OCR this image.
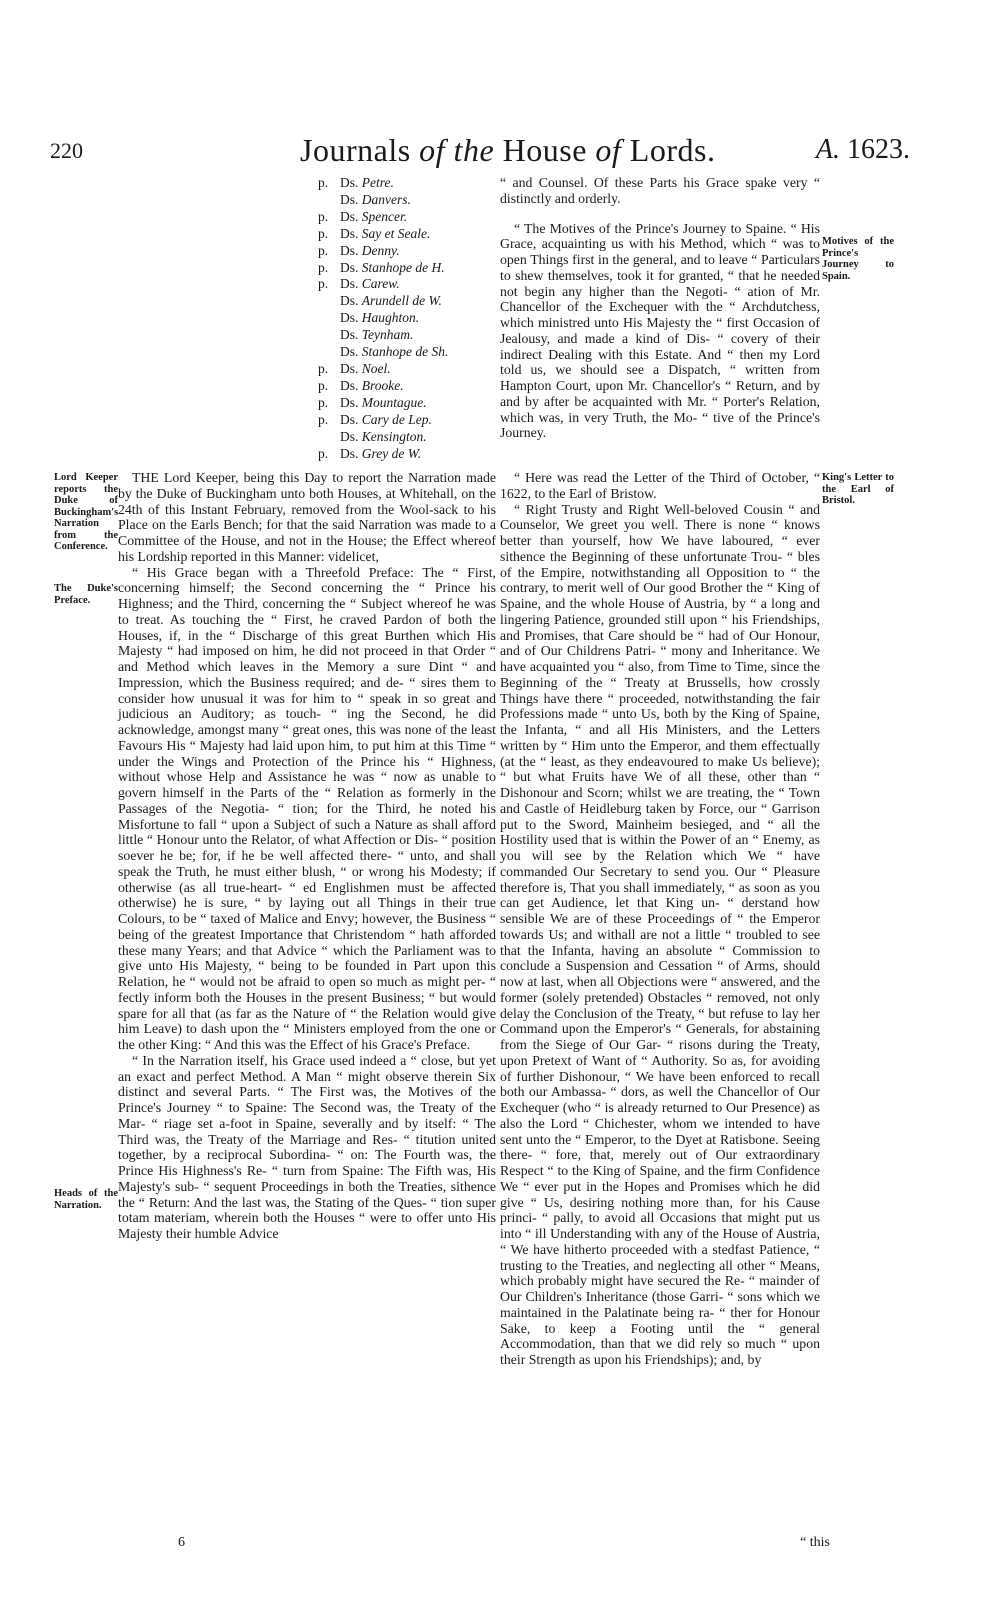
220	Journals of the House of Lords.	A. 1623.
p. Ds. Petre.
Ds. Danvers.
p. Ds. Spencer.
p. Ds. Say et Seale.
p. Ds. Denny.
p. Ds. Stanhope de H.
p. Ds. Carew.
Ds. Arundell de W.
Ds. Haughton.
Ds. Teynham.
Ds. Stanhope de Sh.
p. Ds. Noel.
p. Ds. Brooke.
p. Ds. Mountague.
p. Ds. Cary de Lep.
Ds. Kensington.
p. Ds. Grey de W.

“ and Counsel. Of these Parts his Grace spake very “ distinctly and orderly.

“ The Motives of the Prince's Journey to Spaine. “ His Grace, acquainting us with his Method, which “ was to open Things first in the general, and to leave “ Particulars to shew themselves, took it for granted, “ that he needed not begin any higher than the Negoti- “ ation of Mr. Chancellor of the Exchequer with the “ Archdutchess, which ministred unto His Majesty the “ first Occasion of Jealousy, and made a kind of Dis- “ covery of their indirect Dealing with this Estate. And “ then my Lord told us, we should see a Dispatch, “ written from Hampton Court, upon Mr. Chancellor's “ Return, and by and by after be acquainted with Mr. “ Porter's Relation, which was, in very Truth, the Mo- “ tive of the Prince's Journey.

THE Lord Keeper, being this Day to report the Narration made by the Duke of Buckingham unto both Houses, at Whitehall, on the 24th of this Instant February, removed from the Wool-sack to his Place on the Earls Bench; for that the said Narration was made to a Committee of the House, and not in the House; the Effect whereof his Lordship reported in this Manner: videlicet,

“ His Grace began with a Threefold Preface: The “ First, concerning himself; the Second concerning the “ Prince his Highness; and the Third, concerning the “ Subject whereof he was to treat. As touching the “ First, he craved Pardon of both the Houses, if, in the “ Discharge of this great Burthen which His Majesty “ had imposed on him, he did not proceed in that Order “ and Method which leaves in the Memory a sure Dint “ and Impression, which the Business required; and de- “ sires them to consider how unusual it was for him to “ speak in so great and judicious an Auditory; as touch- “ ing the Second, he did acknowledge, amongst many “ great ones, this was none of the least Favours His “ Majesty had laid upon him, to put him at this Time “ under the Wings and Protection of the Prince his “ Highness, without whose Help and Assistance he was “ now as unable to govern himself in the Parts of the “ Relation as formerly in the Passages of the Negotia- “ tion; for the Third, he noted his Misfortune to fall “ upon a Subject of such a Nature as shall afford little “ Honour unto the Relator, of what Affection or Dis- “ position soever he be; for, if he be well affected there- “ unto, and shall speak the Truth, he must either blush, “ or wrong his Modesty; if otherwise (as all true-heart- “ ed Englishmen must be affected otherwise) he is sure, “ by laying out all Things in their true Colours, to be “ taxed of Malice and Envy; however, the Business “ being of the greatest Importance that Christendom “ hath afforded these many Years; and that Advice “ which the Parliament was to give unto His Majesty, “ being to be founded in Part upon this Relation, he “ would not be afraid to open so much as might per- “ fectly inform both the Houses in the present Business; “ but would spare for all that (as far as the Nature of “ the Relation would give him Leave) to dash upon the “ Ministers employed from the one or the other King: “ And this was the Effect of his Grace's Preface.

“ In the Narration itself, his Grace used indeed a “ close, but yet an exact and perfect Method. A Man “ might observe therein Six distinct and several Parts. “ The First was, the Motives of the Prince's Journey “ to Spaine: The Second was, the Treaty of the Mar- “ riage set a-foot in Spaine, severally and by itself: “ The Third was, the Treaty of the Marriage and Res- “ titution united together, by a reciprocal Subordina- “ on: The Fourth was, the Prince His Highness's Re- “ turn from Spaine: The Fifth was, His Majesty's sub- “ sequent Proceedings in both the Treaties, sithence the “ Return: And the last was, the Stating of the Ques- “ tion super totam materiam, wherein both the Houses “ were to offer unto His Majesty their humble Advice

“ Here was read the Letter of the Third of October, “ 1622, to the Earl of Bristow.

“ Right Trusty and Right Well-beloved Cousin “ and Counselor, We greet you well. There is none “ knows better than yourself, how We have laboured, “ ever sithence the Beginning of these unfortunate Trou- “ bles of the Empire, notwithstanding all Opposition to “ the contrary, to merit well of Our good Brother the “ King of Spaine, and the whole House of Austria, by “ a long and lingering Patience, grounded still upon “ his Friendships, and Promises, that Care should be “ had of Our Honour, and of Our Childrens Patri- “ mony and Inheritance. We have acquainted you “ also, from Time to Time, since the Beginning of the “ Treaty at Brussells, how crossly Things have there “ proceeded, notwithstanding the fair Professions made “ unto Us, both by the King of Spaine, the Infanta, “ and all His Ministers, and the Letters written by “ Him unto the Emperor, and them effectually (at the “ least, as they endeavoured to make Us believe); “ but what Fruits have We of all these, other than “ Dishonour and Scorn; whilst we are treating, the “ Town and Castle of Heidleburg taken by Force, our “ Garrison put to the Sword, Mainheim besieged, and “ all the Hostility used that is within the Power of an “ Enemy, as you will see by the Relation which We “ have commanded Our Secretary to send you. Our “ Pleasure therefore is, That you shall immediately, “ as soon as you can get Audience, let that King un- “ derstand how sensible We are of these Proceedings of “ the Emperor towards Us; and withall are not a little “ troubled to see that the Infanta, having an absolute “ Commission to conclude a Suspension and Cessation “ of Arms, should now at last, when all Objections were “ answered, and the former (solely pretended) Obstacles “ removed, not only delay the Conclusion of the Treaty, “ but refuse to lay her Command upon the Emperor's “ Generals, for abstaining from the Siege of Our Gar- “ risons during the Treaty, upon Pretext of Want of “ Authority. So as, for avoiding of further Dishonour, “ We have been enforced to recall both our Ambassa- “ dors, as well the Chancellor of Our Exchequer (who “ is already returned to Our Presence) as also the Lord “ Chichester, whom we intended to have sent unto the “ Emperor, to the Dyet at Ratisbone. Seeing there- “ fore, that, merely out of Our extraordinary Respect “ to the King of Spaine, and the firm Confidence We “ ever put in the Hopes and Promises which he did give “ Us, desiring nothing more than, for his Cause princi- “ pally, to avoid all Occasions that might put us into “ ill Understanding with any of the House of Austria, “ We have hitherto proceeded with a stedfast Patience, “ trusting to the Treaties, and neglecting all other “ Means, which probably might have secured the Re- “ mainder of Our Children's Inheritance (those Garri- “ sons which we maintained in the Palatinate being ra- “ ther for Honour Sake, to keep a Footing until the “ general Accommodation, than that we did rely so much “ upon their Strength as upon his Friendships); and, by

Lord Keeper reports the Duke of Buckingham's Narration from the Conference.
The Duke's Preface.
Heads of the Narration.
Motives of the Prince's Journey to Spain.
King's Letter to the Earl of Bristol.
6	“ this
